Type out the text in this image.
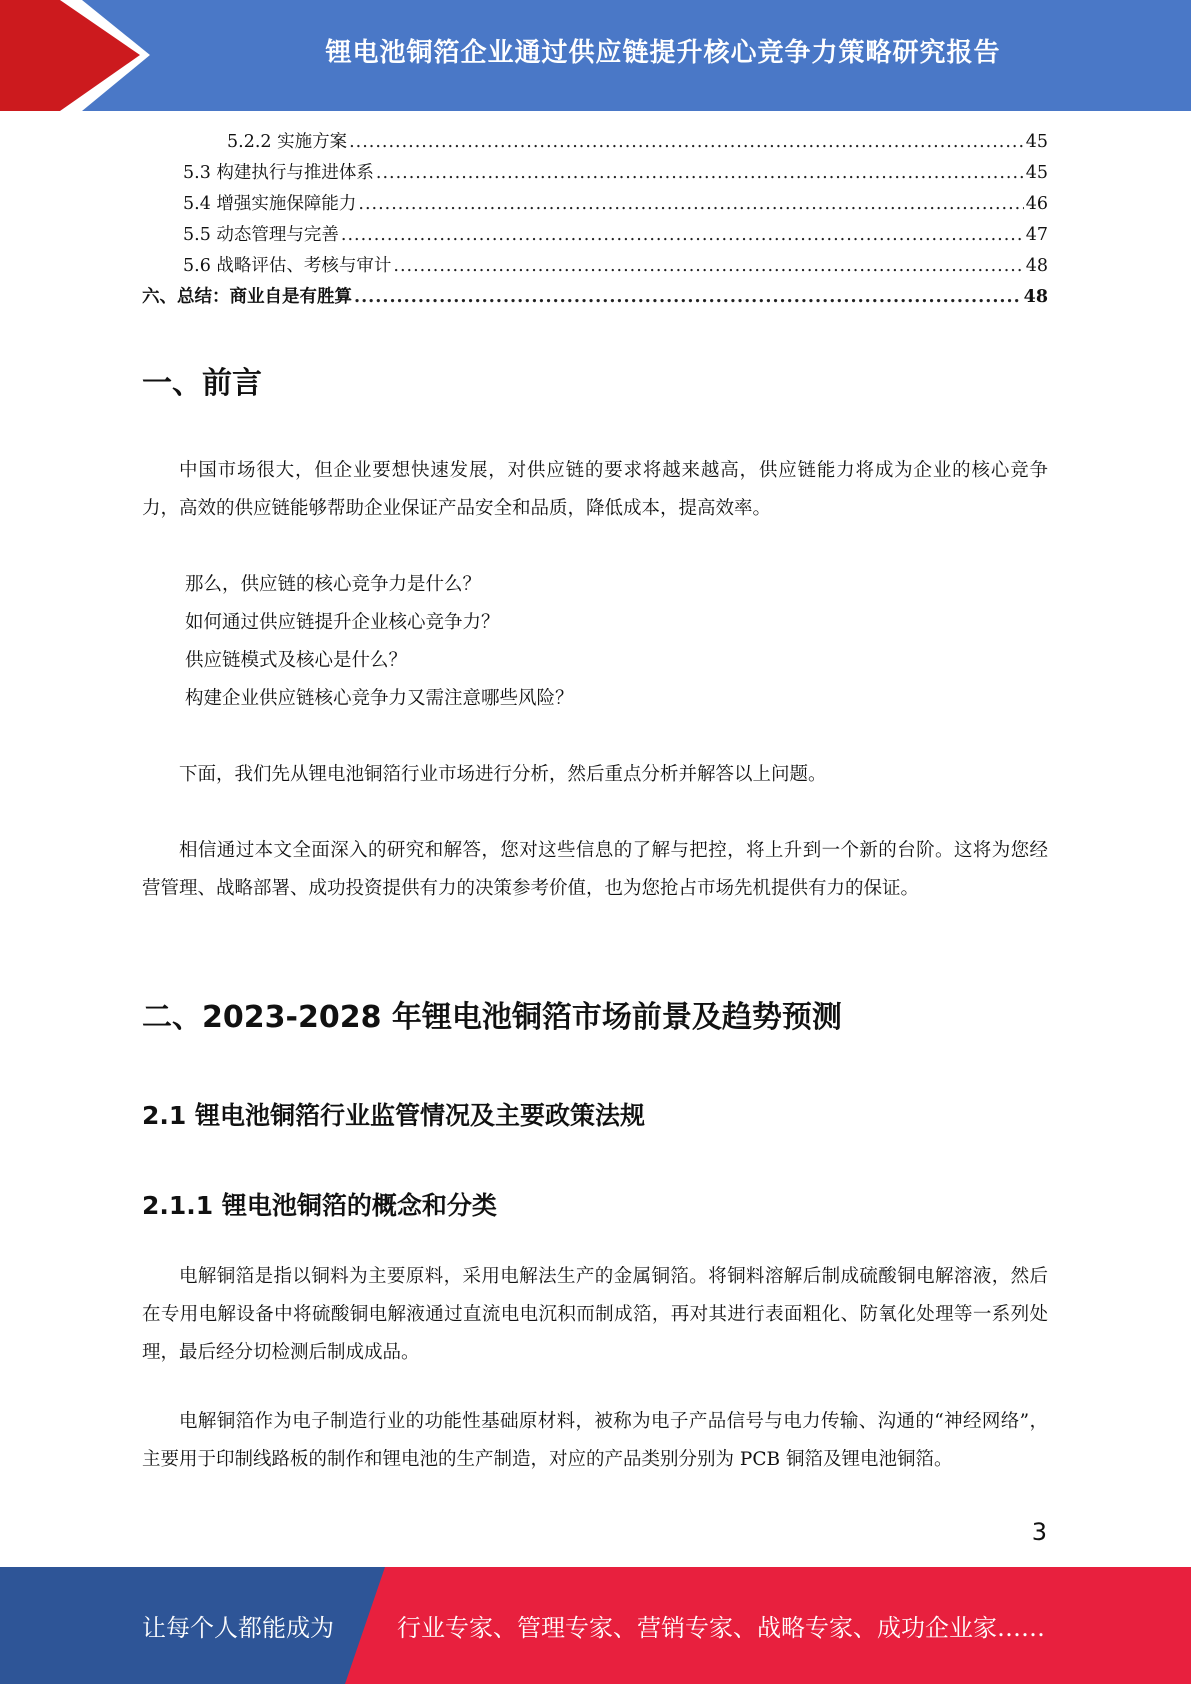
锂电池铜箔企业通过供应链提升核心竞争力策略研究报告
5.2.2 实施方案 .....	45
5.3 构建执行与推进体系 .....	45
5.4 增强实施保障能力 .....	46
5.5 动态管理与完善 .....	47
5.6 战略评估、考核与审计 .....	48
六、总结：商业自是有胜算 .....	48
一、前言

中国市场很大，但企业要想快速发展，对供应链的要求将越来越高，供应链能力将成为企业的核心竞争力，高效的供应链能够帮助企业保证产品安全和品质，降低成本，提高效率。

那么，供应链的核心竞争力是什么？

如何通过供应链提升企业核心竞争力？

供应链模式及核心是什么？

构建企业供应链核心竞争力又需注意哪些风险？

下面，我们先从锂电池铜箔行业市场进行分析，然后重点分析并解答以上问题。

相信通过本文全面深入的研究和解答，您对这些信息的了解与把控，将上升到一个新的台阶。这将为您经营管理、战略部署、成功投资提供有力的决策参考价值，也为您抢占市场先机提供有力的保证。

二、2023-2028 年锂电池铜箔市场前景及趋势预测
2.1 锂电池铜箔行业监管情况及主要政策法规
2.1.1 锂电池铜箔的概念和分类

电解铜箔是指以铜料为主要原料，采用电解法生产的金属铜箔。将铜料溶解后制成硫酸铜电解溶液，然后在专用电解设备中将硫酸铜电解液通过直流电电沉积而制成箔，再对其进行表面粗化、防氧化处理等一系列处理，最后经分切检测后制成成品。

电解铜箔作为电子制造行业的功能性基础原材料，被称为电子产品信号与电力传输、沟通的“神经网络”，主要用于印制线路板的制作和锂电池的生产制造，对应的产品类别分别为 PCB 铜箔及锂电池铜箔。

3
让每个人都能成为	行业专家、管理专家、营销专家、战略专家、成功企业家……
